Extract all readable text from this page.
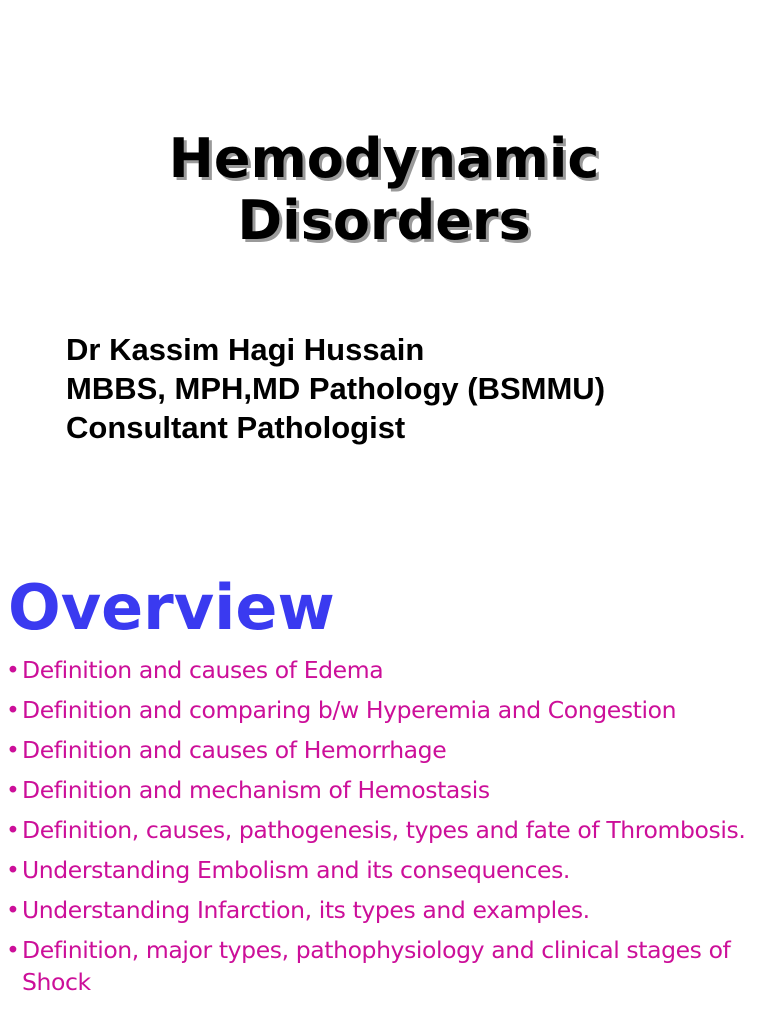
Hemodynamic
Disorders
Dr Kassim Hagi Hussain
MBBS, MPH,MD Pathology (BSMMU)
Consultant Pathologist
Overview
• Definition and causes of Edema
• Definition and comparing b/w Hyperemia and Congestion
• Definition and causes of Hemorrhage
• Definition and mechanism of Hemostasis
• Definition, causes, pathogenesis, types and fate of Thrombosis.
• Understanding Embolism and its consequences.
• Understanding Infarction, its types and examples.
• Definition, major types, pathophysiology and clinical stages of Shock
